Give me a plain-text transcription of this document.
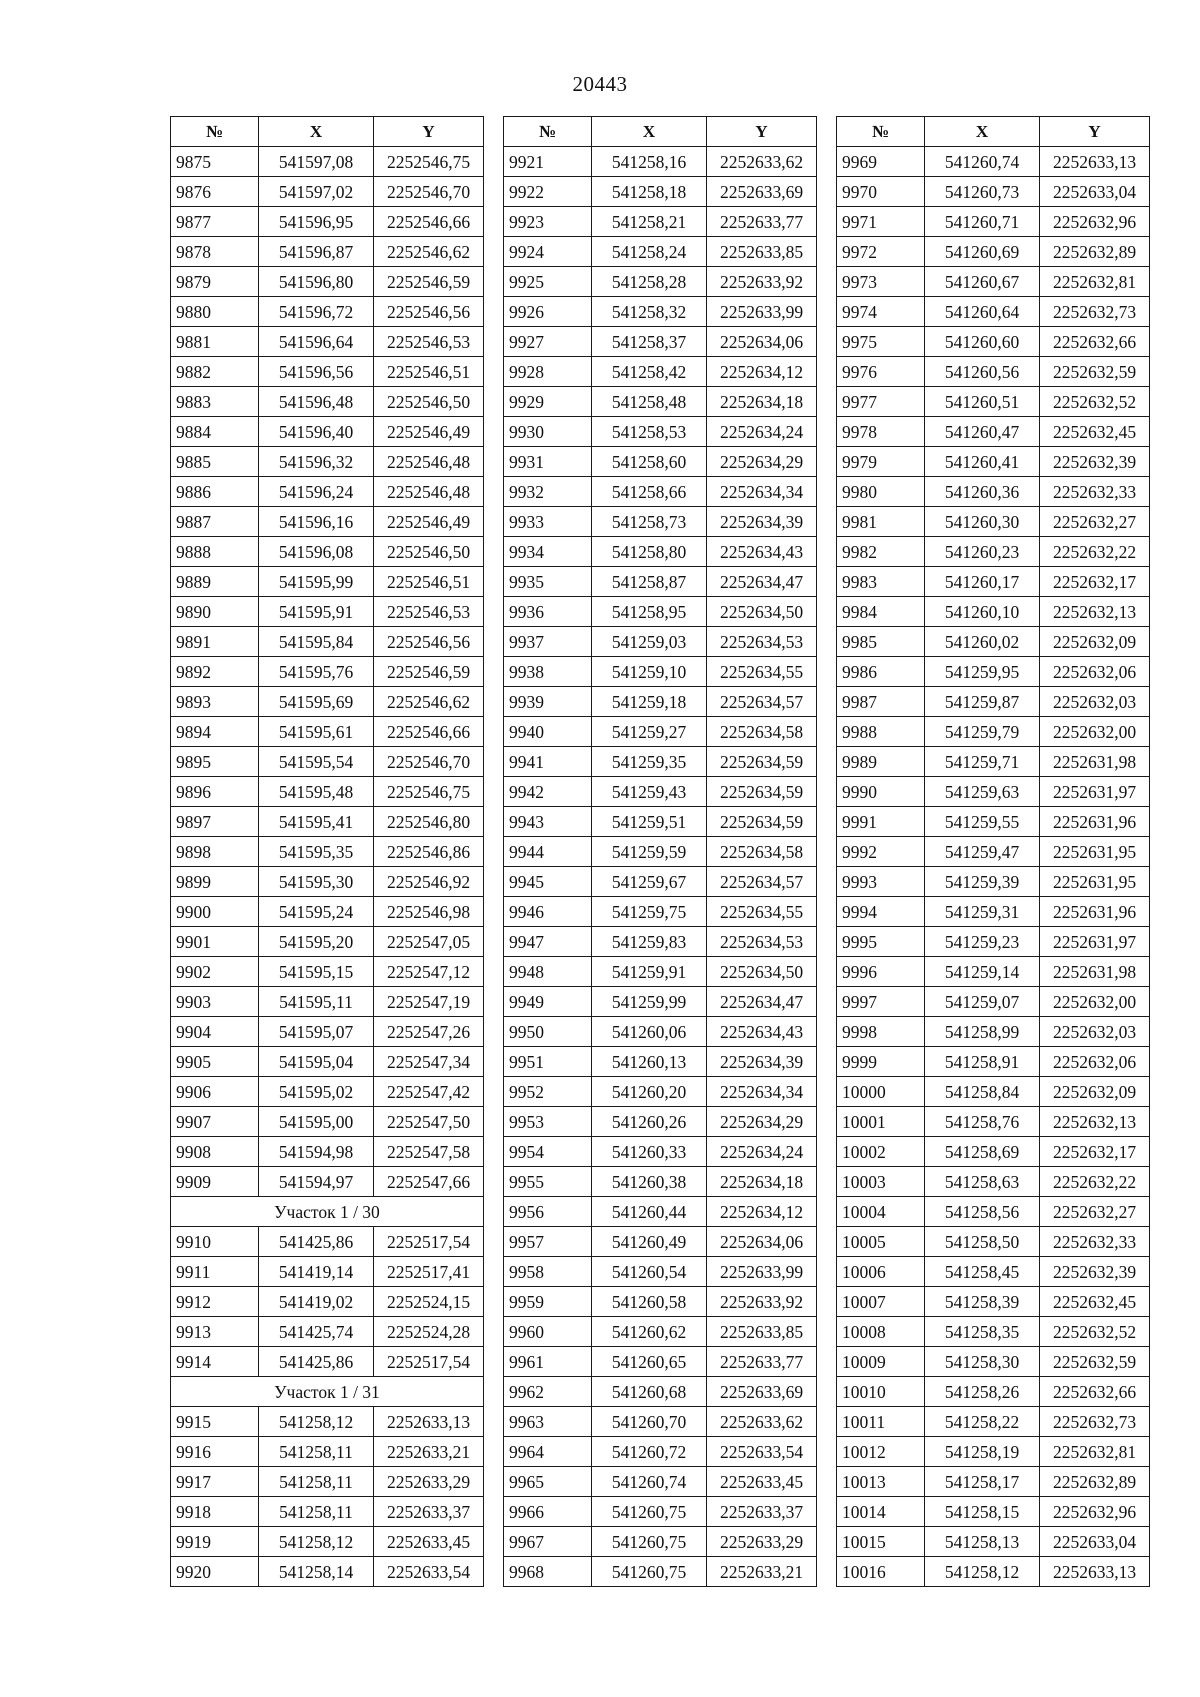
20443
№	X	Y
9875	541597,08	2252546,75
9876	541597,02	2252546,70
9877	541596,95	2252546,66
9878	541596,87	2252546,62
9879	541596,80	2252546,59
9880	541596,72	2252546,56
9881	541596,64	2252546,53
9882	541596,56	2252546,51
9883	541596,48	2252546,50
9884	541596,40	2252546,49
9885	541596,32	2252546,48
9886	541596,24	2252546,48
9887	541596,16	2252546,49
9888	541596,08	2252546,50
9889	541595,99	2252546,51
9890	541595,91	2252546,53
9891	541595,84	2252546,56
9892	541595,76	2252546,59
9893	541595,69	2252546,62
9894	541595,61	2252546,66
9895	541595,54	2252546,70
9896	541595,48	2252546,75
9897	541595,41	2252546,80
9898	541595,35	2252546,86
9899	541595,30	2252546,92
9900	541595,24	2252546,98
9901	541595,20	2252547,05
9902	541595,15	2252547,12
9903	541595,11	2252547,19
9904	541595,07	2252547,26
9905	541595,04	2252547,34
9906	541595,02	2252547,42
9907	541595,00	2252547,50
9908	541594,98	2252547,58
9909	541594,97	2252547,66
Участок 1 / 30		
9910	541425,86	2252517,54
9911	541419,14	2252517,41
9912	541419,02	2252524,15
9913	541425,74	2252524,28
9914	541425,86	2252517,54
Участок 1 / 31		
9915	541258,12	2252633,13
9916	541258,11	2252633,21
9917	541258,11	2252633,29
9918	541258,11	2252633,37
9919	541258,12	2252633,45
9920	541258,14	2252633,54
№	X	Y
9921	541258,16	2252633,62
9922	541258,18	2252633,69
9923	541258,21	2252633,77
9924	541258,24	2252633,85
9925	541258,28	2252633,92
9926	541258,32	2252633,99
9927	541258,37	2252634,06
9928	541258,42	2252634,12
9929	541258,48	2252634,18
9930	541258,53	2252634,24
9931	541258,60	2252634,29
9932	541258,66	2252634,34
9933	541258,73	2252634,39
9934	541258,80	2252634,43
9935	541258,87	2252634,47
9936	541258,95	2252634,50
9937	541259,03	2252634,53
9938	541259,10	2252634,55
9939	541259,18	2252634,57
9940	541259,27	2252634,58
9941	541259,35	2252634,59
9942	541259,43	2252634,59
9943	541259,51	2252634,59
9944	541259,59	2252634,58
9945	541259,67	2252634,57
9946	541259,75	2252634,55
9947	541259,83	2252634,53
9948	541259,91	2252634,50
9949	541259,99	2252634,47
9950	541260,06	2252634,43
9951	541260,13	2252634,39
9952	541260,20	2252634,34
9953	541260,26	2252634,29
9954	541260,33	2252634,24
9955	541260,38	2252634,18
9956	541260,44	2252634,12
9957	541260,49	2252634,06
9958	541260,54	2252633,99
9959	541260,58	2252633,92
9960	541260,62	2252633,85
9961	541260,65	2252633,77
9962	541260,68	2252633,69
9963	541260,70	2252633,62
9964	541260,72	2252633,54
9965	541260,74	2252633,45
9966	541260,75	2252633,37
9967	541260,75	2252633,29
9968	541260,75	2252633,21
№	X	Y
9969	541260,74	2252633,13
9970	541260,73	2252633,04
9971	541260,71	2252632,96
9972	541260,69	2252632,89
9973	541260,67	2252632,81
9974	541260,64	2252632,73
9975	541260,60	2252632,66
9976	541260,56	2252632,59
9977	541260,51	2252632,52
9978	541260,47	2252632,45
9979	541260,41	2252632,39
9980	541260,36	2252632,33
9981	541260,30	2252632,27
9982	541260,23	2252632,22
9983	541260,17	2252632,17
9984	541260,10	2252632,13
9985	541260,02	2252632,09
9986	541259,95	2252632,06
9987	541259,87	2252632,03
9988	541259,79	2252632,00
9989	541259,71	2252631,98
9990	541259,63	2252631,97
9991	541259,55	2252631,96
9992	541259,47	2252631,95
9993	541259,39	2252631,95
9994	541259,31	2252631,96
9995	541259,23	2252631,97
9996	541259,14	2252631,98
9997	541259,07	2252632,00
9998	541258,99	2252632,03
9999	541258,91	2252632,06
10000	541258,84	2252632,09
10001	541258,76	2252632,13
10002	541258,69	2252632,17
10003	541258,63	2252632,22
10004	541258,56	2252632,27
10005	541258,50	2252632,33
10006	541258,45	2252632,39
10007	541258,39	2252632,45
10008	541258,35	2252632,52
10009	541258,30	2252632,59
10010	541258,26	2252632,66
10011	541258,22	2252632,73
10012	541258,19	2252632,81
10013	541258,17	2252632,89
10014	541258,15	2252632,96
10015	541258,13	2252633,04
10016	541258,12	2252633,13
